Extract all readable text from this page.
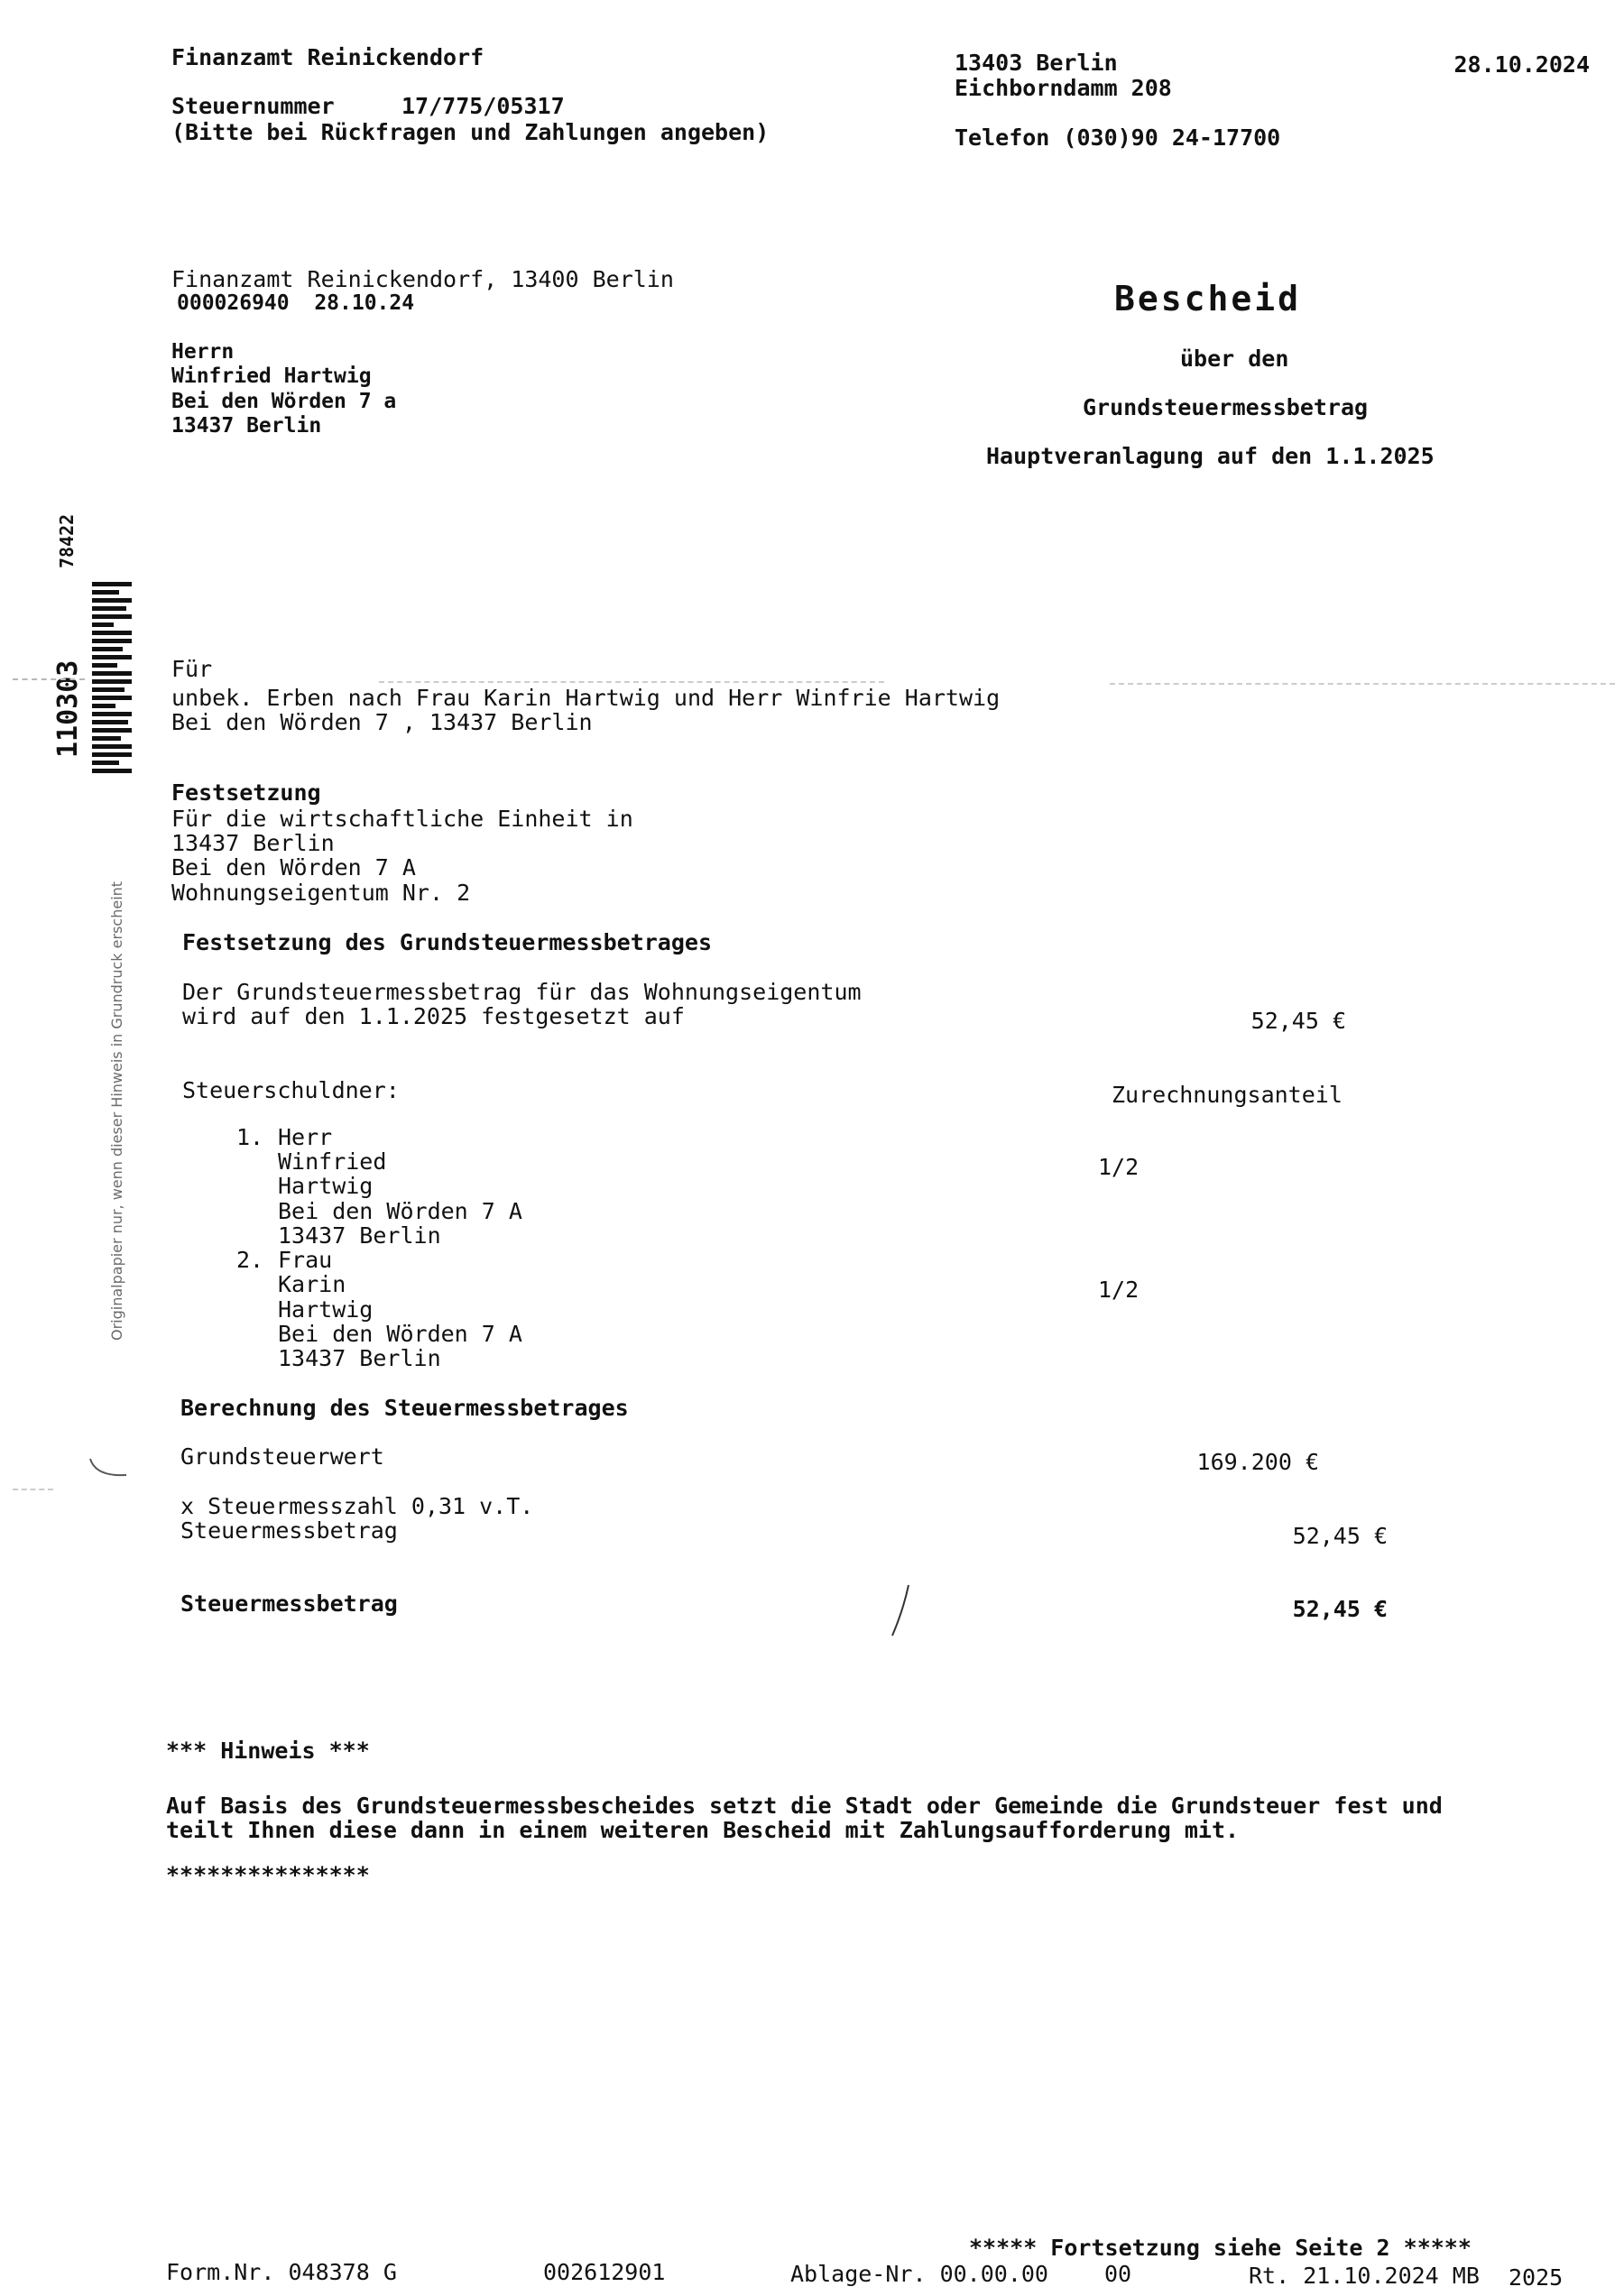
Finanzamt Reinickendorf

Steuernummer	17/775/05317

(Bitte bei Rückfragen und Zahlungen angeben)

13403 Berlin

Eichborndamm 208

Telefon (030)90 24-17700

28.10.2024

Finanzamt Reinickendorf, 13400 Berlin

000026940  28.10.24

Herrn

Winfried Hartwig

Bei den Wörden 7 a

13437 Berlin

Bescheid

über den

Grundsteuermessbetrag

Hauptveranlagung auf den 1.1.2025

78422

110303

Originalpapier nur, wenn dieser Hinweis in Grundruck erscheint

Für

unbek. Erben nach Frau Karin Hartwig und Herr Winfrie Hartwig

Bei den Wörden 7 , 13437 Berlin

Festsetzung

Für die wirtschaftliche Einheit in

13437 Berlin

Bei den Wörden 7 A

Wohnungseigentum Nr. 2

Festsetzung des Grundsteuermessbetrages

Der Grundsteuermessbetrag für das Wohnungseigentum

wird auf den 1.1.2025 festgesetzt auf	52,45 €

Steuerschuldner:	Zurechnungsanteil

1. Herr

Winfried

Hartwig

Bei den Wörden 7 A

13437 Berlin

1/2

2. Frau

Karin

Hartwig

Bei den Wörden 7 A

13437 Berlin

1/2

Berechnung des Steuermessbetrages

Grundsteuerwert	169.200 €

x Steuermesszahl 0,31 v.T.

Steuermessbetrag	52,45 €

Steuermessbetrag	52,45 €

*** Hinweis ***

Auf Basis des Grundsteuermessbescheides setzt die Stadt oder Gemeinde die Grundsteuer fest und

teilt Ihnen diese dann in einem weiteren Bescheid mit Zahlungsaufforderung mit.

***************

***** Fortsetzung siehe Seite 2 *****

Form.Nr. 048378 G	002612901	Ablage-Nr. 00.00.00 00	Rt. 21.10.2024 MB 2025
